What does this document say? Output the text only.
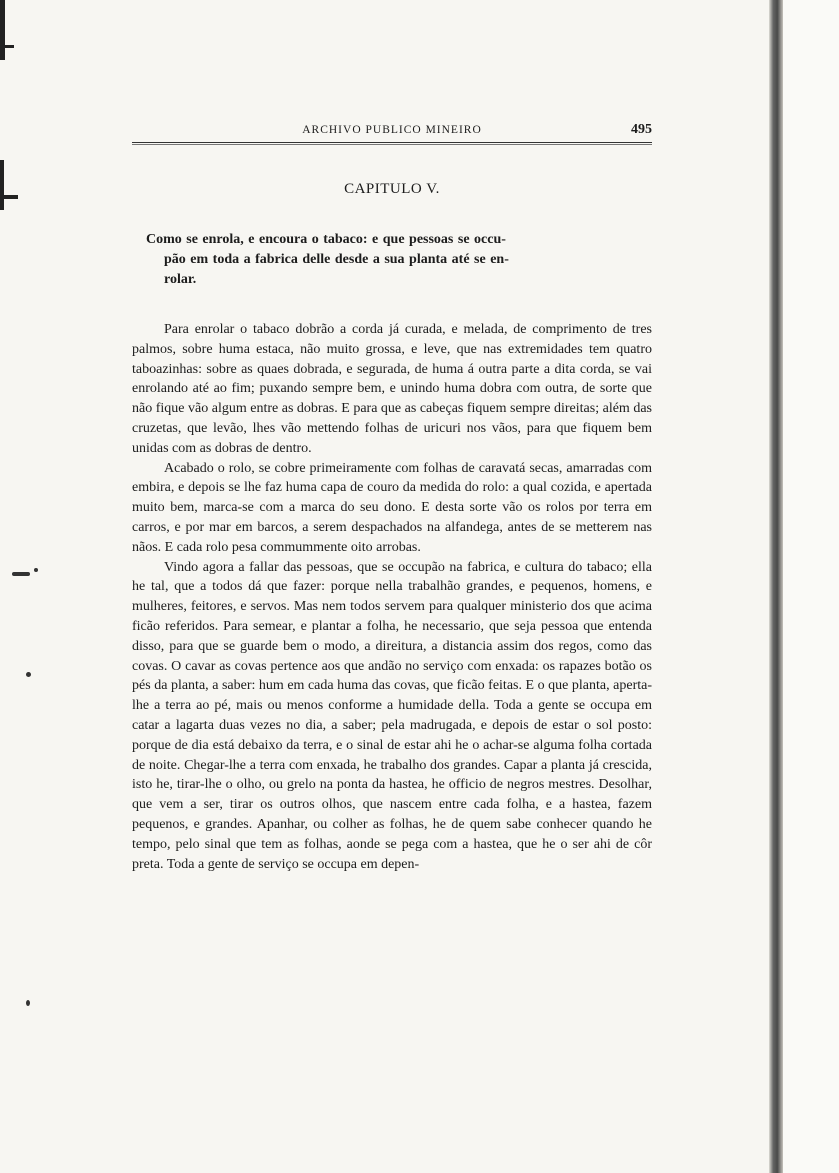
ARCHIVO PUBLICO MINEIRO	495
CAPITULO V.
Como se enrola, e encoura o tabaco: e que pessoas se occu-
pão em toda a fabrica delle desde a sua planta até se en-
rolar.

Para enrolar o tabaco dobrão a corda já curada, e melada, de comprimento de tres palmos, sobre huma estaca, não muito grossa, e leve, que nas extremidades tem quatro taboazinhas: sobre as quaes dobrada, e segurada, de huma á outra parte a dita corda, se vai enrolando até ao fim; puxando sempre bem, e unindo huma dobra com outra, de sorte que não fique vão algum entre as dobras. E para que as cabeças fiquem sempre direitas; além das cruzetas, que levão, lhes vão mettendo folhas de uricuri nos vãos, para que fiquem bem unidas com as dobras de dentro.

Acabado o rolo, se cobre primeiramente com folhas de caravatá secas, amarradas com embira, e depois se lhe faz huma capa de couro da medida do rolo: a qual cozida, e apertada muito bem, marca-se com a marca do seu dono. E desta sorte vão os rolos por terra em carros, e por mar em barcos, a serem despachados na alfandega, antes de se metterem nas nãos. E cada rolo pesa commummente oito arrobas.

Vindo agora a fallar das pessoas, que se occupão na fabrica, e cultura do tabaco; ella he tal, que a todos dá que fazer: porque nella trabalhão grandes, e pequenos, homens, e mulheres, feitores, e servos. Mas nem todos servem para qualquer ministerio dos que acima ficão referidos. Para semear, e plantar a folha, he necessario, que seja pessoa que entenda disso, para que se guarde bem o modo, a direitura, a distancia assim dos regos, como das covas. O cavar as covas pertence aos que andão no serviço com enxada: os rapazes botão os pés da planta, a saber: hum em cada huma das covas, que ficão feitas. E o que planta, aperta-lhe a terra ao pé, mais ou menos conforme a humidade della. Toda a gente se occupa em catar a lagarta duas vezes no dia, a saber; pela madrugada, e depois de estar o sol posto: porque de dia está debaixo da terra, e o sinal de estar ahi he o achar-se alguma folha cortada de noite. Chegar-lhe a terra com enxada, he trabalho dos grandes. Capar a planta já crescida, isto he, tirar-lhe o olho, ou grelo na ponta da hastea, he officio de negros mestres. Desolhar, que vem a ser, tirar os outros olhos, que nascem entre cada folha, e a hastea, fazem pequenos, e grandes. Apanhar, ou colher as folhas, he de quem sabe conhecer quando he tempo, pelo sinal que tem as folhas, aonde se pega com a hastea, que he o ser ahi de côr preta. Toda a gente de serviço se occupa em depen-
